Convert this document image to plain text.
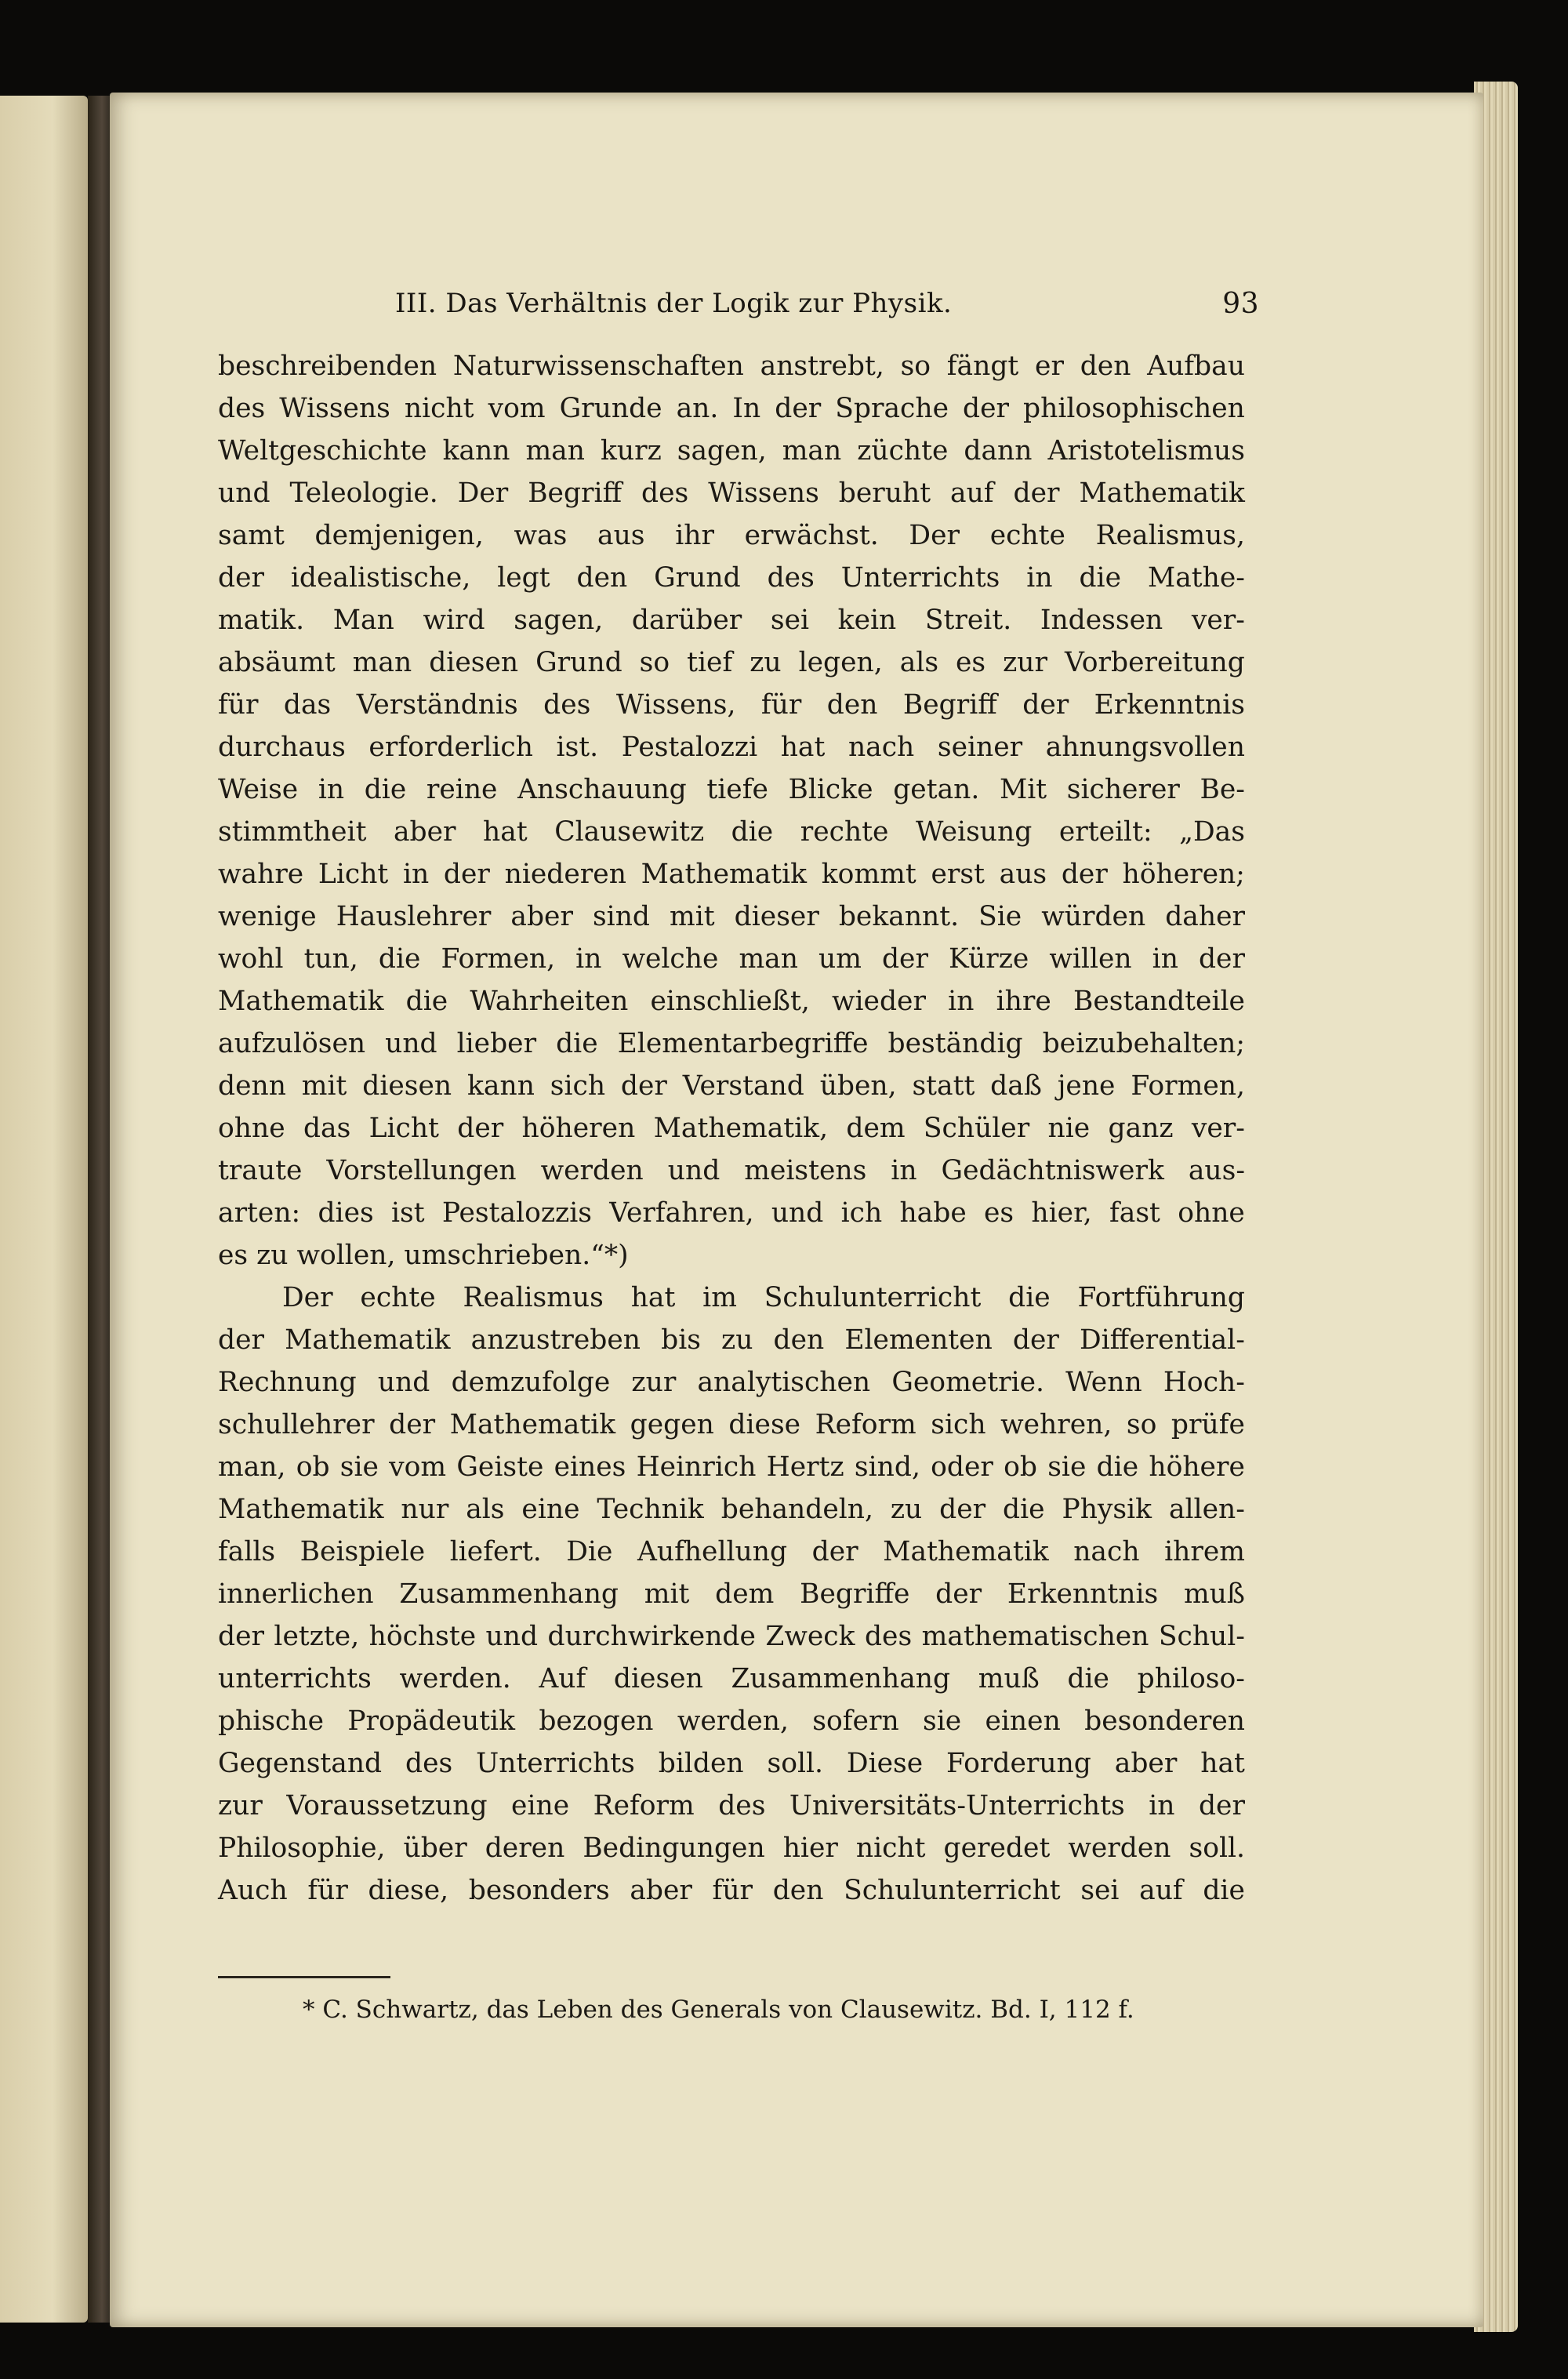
III. Das Verhältnis der Logik zur Physik.	93
beschreibenden Naturwissenschaften anstrebt, so fängt er den Aufbau
des Wissens nicht vom Grunde an. In der Sprache der philosophischen
Weltgeschichte kann man kurz sagen, man züchte dann Aristotelismus
und Teleologie. Der Begriff des Wissens beruht auf der Mathematik
samt demjenigen, was aus ihr erwächst. Der echte Realismus,
der idealistische, legt den Grund des Unterrichts in die Mathe-
matik. Man wird sagen, darüber sei kein Streit. Indessen ver-
absäumt man diesen Grund so tief zu legen, als es zur Vorbereitung
für das Verständnis des Wissens, für den Begriff der Erkenntnis
durchaus erforderlich ist. Pestalozzi hat nach seiner ahnungsvollen
Weise in die reine Anschauung tiefe Blicke getan. Mit sicherer Be-
stimmtheit aber hat Clausewitz die rechte Weisung erteilt: „Das
wahre Licht in der niederen Mathematik kommt erst aus der höheren;
wenige Hauslehrer aber sind mit dieser bekannt. Sie würden daher
wohl tun, die Formen, in welche man um der Kürze willen in der
Mathematik die Wahrheiten einschließt, wieder in ihre Bestandteile
aufzulösen und lieber die Elementarbegriffe beständig beizubehalten;
denn mit diesen kann sich der Verstand üben, statt daß jene Formen,
ohne das Licht der höheren Mathematik, dem Schüler nie ganz ver-
traute Vorstellungen werden und meistens in Gedächtniswerk aus-
arten: dies ist Pestalozzis Verfahren, und ich habe es hier, fast ohne
es zu wollen, umschrieben.“*)
Der echte Realismus hat im Schulunterricht die Fortführung
der Mathematik anzustreben bis zu den Elementen der Differential-
Rechnung und demzufolge zur analytischen Geometrie. Wenn Hoch-
schullehrer der Mathematik gegen diese Reform sich wehren, so prüfe
man, ob sie vom Geiste eines Heinrich Hertz sind, oder ob sie die höhere
Mathematik nur als eine Technik behandeln, zu der die Physik allen-
falls Beispiele liefert. Die Aufhellung der Mathematik nach ihrem
innerlichen Zusammenhang mit dem Begriffe der Erkenntnis muß
der letzte, höchste und durchwirkende Zweck des mathematischen Schul-
unterrichts werden. Auf diesen Zusammenhang muß die philoso-
phische Propädeutik bezogen werden, sofern sie einen besonderen
Gegenstand des Unterrichts bilden soll. Diese Forderung aber hat
zur Voraussetzung eine Reform des Universitäts-Unterrichts in der
Philosophie, über deren Bedingungen hier nicht geredet werden soll.
Auch für diese, besonders aber für den Schulunterricht sei auf die
* C. Schwartz, das Leben des Generals von Clausewitz. Bd. I, 112 f.
